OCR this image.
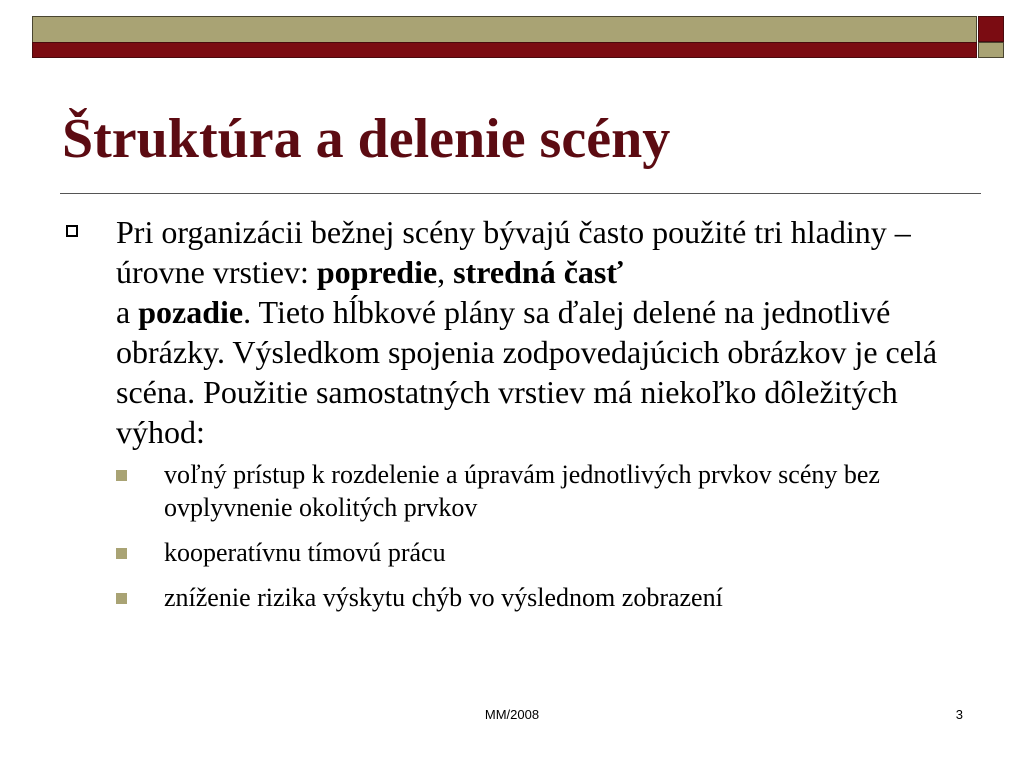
Štruktúra a delenie scény
Pri organizácii bežnej scény bývajú často použité tri hladiny – úrovne vrstiev: popredie, stredná časť
a pozadie. Tieto hĺbkové plány sa ďalej delené na jednotlivé obrázky. Výsledkom spojenia zodpovedajúcich obrázkov je celá scéna. Použitie samostatných vrstiev má niekoľko dôležitých výhod:
voľný prístup k rozdelenie a úpravám jednotlivých prvkov scény bez ovplyvnenie okolitých prvkov
kooperatívnu tímovú prácu
zníženie rizika výskytu chýb vo výslednom zobrazení
MM/2008	3
